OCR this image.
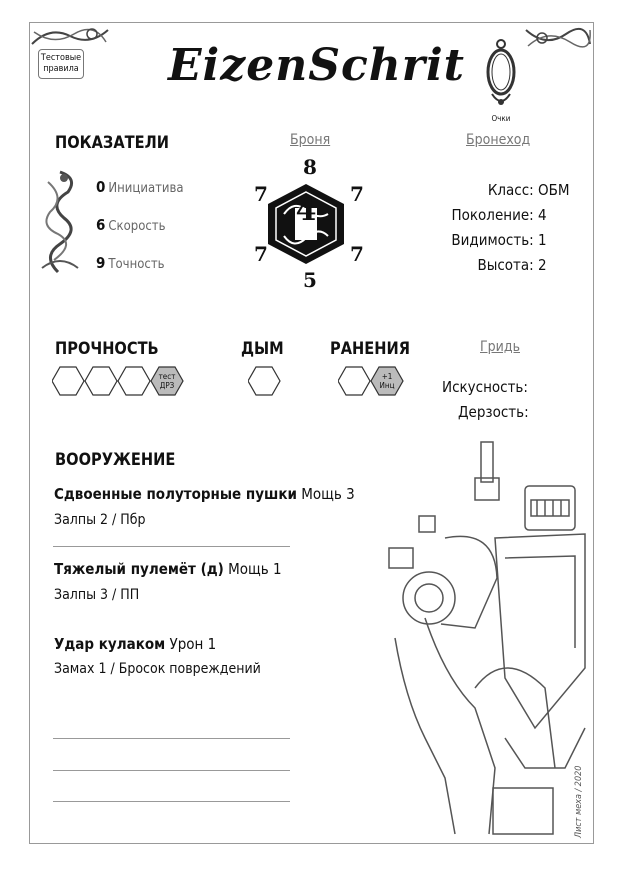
Тестовые
правила EizenSchrit
Очки
ПОКАЗАТЕЛИ
0 Инициатива
6 Скорость
9 Точность
Броня
4
8
5
7	7
7	7
Бронеход
Класс: ОБМ
Поколение: 4
Видимость: 1
Высота: 2
ПРОЧНОСТЬ	ДЫМ	РАНЕНИЯ
тест
ДРЗ
+1
Инц
Гридь
Искусность:
Дерзость:
ВООРУЖЕНИЕ
Сдвоенные полуторные пушки Мощь 3
Залпы 2 / Пбр
Тяжелый пулемёт (д) Мощь 1
Залпы 3 / ПП
Удар кулаком Урон 1
Замах 1 / Бросок повреждений
Лист меха / 2020
